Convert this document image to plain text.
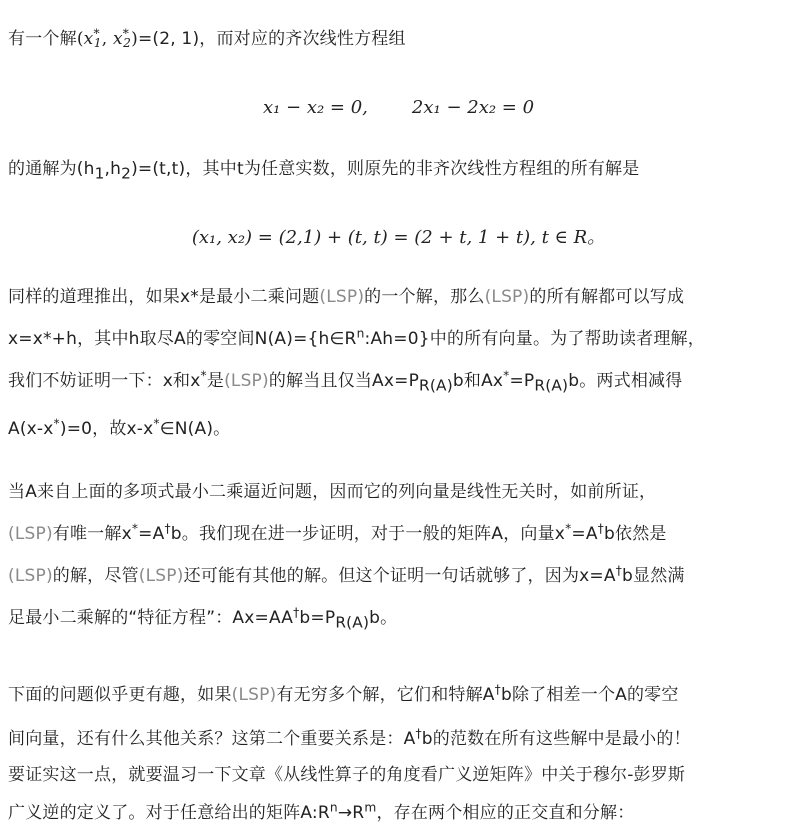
有一个解($x^*_1$, $x^*_2)=(2$, 1)，而对应的齐次线性方程组
x₁ − x₂ = 0, 2x₁ − 2x₂ = 0
的通解为$(h_1,h_2)=(t,t)$，其中t为任意实数，则原先的非齐次线性方程组的所有解是
(x₁, x₂) = (2,1) + (t, t) = (2 + t, 1 + t), t ∈ R。
同样的道理推出，如果x*是最小二乘问题(LSP)的一个解，那么(LSP)的所有解都可以写成
x=x*+h，其中h取尽A的零空间$N(A)=\{h\in R^n:Ah=0\}$中的所有向量。为了帮助读者理解，
我们不妨证明一下：x和x*是(LSP)的解当且仅当$Ax=P_{R(A)}b$和$Ax^*=P_{R(A)}b$。两式相减得
A(x-x*)=0，故x-x*∈N(A)。
当A来自上面的多项式最小二乘逼近问题，因而它的列向量是线性无关时，如前所证，
(LSP)有唯一解x*=A†b。我们现在进一步证明，对于一般的矩阵A，向量x*=A†b依然是
(LSP)的解，尽管(LSP)还可能有其他的解。但这个证明一句话就够了，因为x=A†b显然满
足最小二乘解的“特征方程”：$Ax=AA^\dagger b=P_{R(A)}b$。
下面的问题似乎更有趣，如果(LSP)有无穷多个解，它们和特解A†b除了相差一个A的零空
间向量，还有什么其他关系？这第二个重要关系是：A†b的范数在所有这些解中是最小的！
要证实这一点，就要温习一下文章《从线性算子的角度看广义逆矩阵》中关于穆尔-彭罗斯
广义逆的定义了。对于任意给出的矩阵$A:R^n\to R^m$，存在两个相应的正交直和分解：
